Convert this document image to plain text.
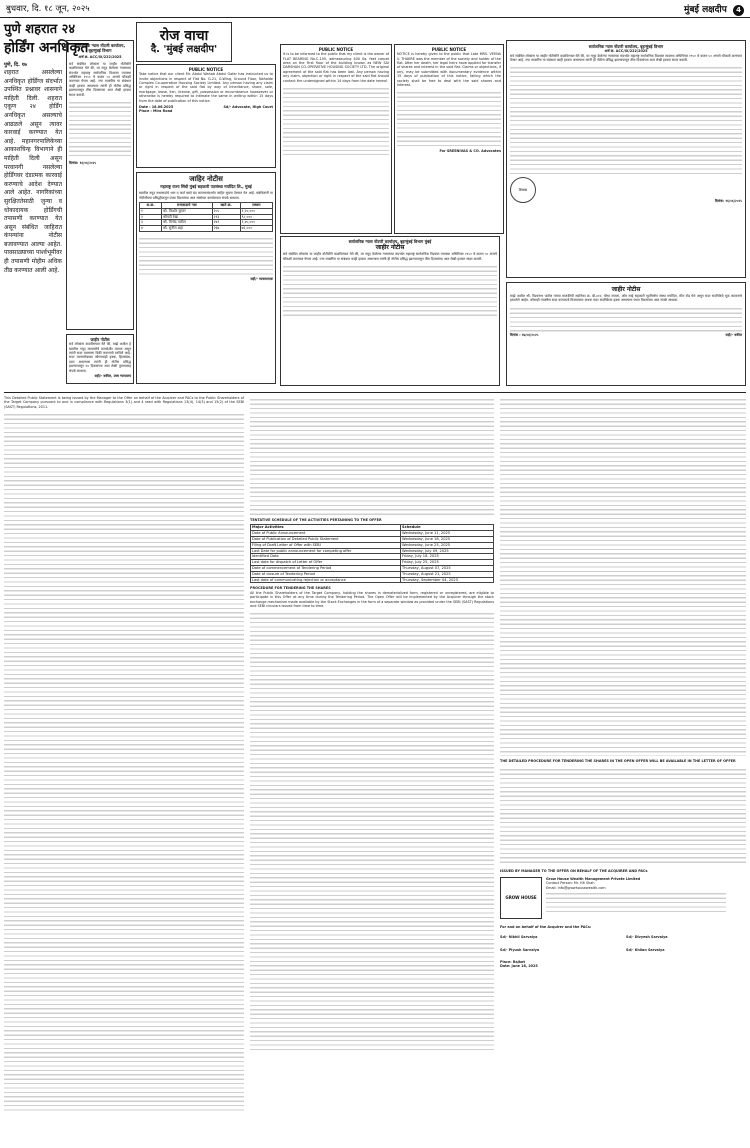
बुधवार, दि. १८ जून, २०२५	मुंबई लक्षदीप 4
पुणे शहरात २४
होर्डिंग अनधिकृत
पुणे, दि. १७
शहरात असलेल्या अनधिकृत होर्डिंग्ज संदर्भात उपस्थित प्रश्नावर शासनाने माहिती दिली. शहरात एकूण २४ होर्डिंग अनधिकृत असल्याचे आढळले असून त्यावर कारवाई करण्यात येत आहे. महानगरपालिकेच्या आकाशचिन्ह विभागाने ही माहिती दिली असून परवानगी नसलेल्या होर्डिंगवर दंडात्मक कारवाई करण्याचे आदेश देण्यात आले आहेत. नागरिकांच्या सुरक्षिततेसाठी जुन्या व धोकादायक होर्डिंगची तपासणी करण्यात येत असून संबंधित जाहिरात कंपन्यांना नोटीस बजावण्यात आल्या आहेत. पावसाळ्याच्या पार्श्वभूमीवर ही तपासणी मोहीम अधिक तीव्र करण्यात आली आहे.
सार्वजनिक न्यास नोंदणी कार्यालय, बृहन्मुंबई विभाग
अर्ज क्र. ACC/IX/222/2025
सर्व संबंधित लोकांना या जाहीर नोटीसीने कळविण्यात येते की, वर नमूद केलेल्या न्यासाच्या संदर्भात महाराष्ट्र सार्वजनिक विश्वस्त व्यवस्था अधिनियम १९५० चे कलम ५० अन्वये चौकशी करण्यात येणार आहे. ज्या व्यक्तींना या संबंधात काही हरकत असल्यास त्यांनी ही नोटीस प्रसिद्ध झाल्यापासून तीस दिवसांच्या आत लेखी हरकत सादर करावी.
दिनांक: १६/०६/२०२५
रोज वाचा
दै. 'मुंबई लक्षदीप'
PUBLIC NOTICE
Take notice that our client Mr. Abdul Wahab Abdul Gafar has instructed us to invite objections in respect of Flat No. G-21, G-Wing, Ground Floor, Nahalde Complex Co-operative Housing Society Limited. Any person having any claim or right in respect of the said flat by way of inheritance, share, sale, mortgage, lease, lien, license, gift, possession or encumbrance howsoever or otherwise is hereby required to intimate the same in writing within 15 days from the date of publication of this notice.
Date : 18.06.2025
Place : Mira Road
Sd/- Advocate, High Court
जाहिर नोटीस
महाराष्ट्र राज्य सिंधी मुंबई सहकारी पतसंस्था मर्यादित लि., मुंबई
खालील नमूद सभासदांचे भाग व कर्ज खाते बंद करण्यासंदर्भात जाहिर सूचना देण्यात येत आहे. संबंधितांनी या नोटीसीच्या प्रसिद्धीपासून पंधरा दिवसांच्या आत संस्थेच्या कार्यालयात संपर्क साधावा.
अ.क्र.	सभासदाचे नाव	खाते क्र.	रक्कम
१	श्री. किशोर कुमार	२०५	१,२०,०००
२	श्रीमती रेखा	२१३	९८,०००
३	श्री. विनोद पाटील	२४१	१,४५,०००
४	श्री. सुनील शहा	२६७	७२,०००
सही/- व्यवस्थापक
PUBLIC NOTICE
It is to be informed to the public that my client is the owner of FLAT BEARING No.C-105, admeasuring 400 Sq. feet carpet area on the First floor of the building known as NEW SAI DARSHAN CO-OPERATIVE HOUSING SOCIETY LTD. The original agreement of the said flat has been lost. Any person having any claim, objection or right in respect of the said flat should contact the undersigned within 14 days from the date hereof.
सार्वजनिक न्यास नोंदणी कार्यालय, बृहन्मुंबई विभाग मुंबई
जाहीर नोटीस
सर्व संबंधित लोकांना या जाहीर नोटीसीने कळविण्यात येते की, वर नमूद केलेल्या न्यासाच्या संदर्भात महाराष्ट्र सार्वजनिक विश्वस्त व्यवस्था अधिनियम १९५० चे कलम ५० अन्वये चौकशी करण्यात येणार आहे. ज्या व्यक्तींना या संबंधात काही हरकत असल्यास त्यांनी ही नोटीस प्रसिद्ध झाल्यापासून तीस दिवसांच्या आत लेखी हरकत सादर करावी.
PUBLIC NOTICE
NOTICE is hereby given to the public that Late MRS. VEENA V. THAKRE was the member of the society and holder of the flat. After her death, her legal heirs have applied for transfer of shares and interest in the said flat. Claims or objections, if any, may be submitted with documentary evidence within 15 days of publication of this notice, failing which the society shall be free to deal with the said shares and interest.
For SREENIVAS & CO. Advocates
सार्वजनिक न्यास नोंदणी कार्यालय, बृहन्मुंबई विभाग
अर्ज क्र. ACC/IX/222/2025
सर्व संबंधित लोकांना या जाहीर नोटीसीने कळविण्यात येते की, वर नमूद केलेल्या न्यासाच्या संदर्भात महाराष्ट्र सार्वजनिक विश्वस्त व्यवस्था अधिनियम १९५० चे कलम ५० अन्वये चौकशी करण्यात येणार आहे. ज्या व्यक्तींना या संबंधात काही हरकत असल्यास त्यांनी ही नोटीस प्रसिद्ध झाल्यापासून तीस दिवसांच्या आत लेखी हरकत सादर करावी.
शिक्का
दिनांक: १६/०६/२०२५
जाहीर नोटीस
माझे अशील श्री. विश्वनाथ पाटील यांच्या मालकीची सदनिका क्र. बी-४०२, चौथा मजला, ओम साई सहकारी गृहनिर्माण संस्था मर्यादित, मीरा रोड येथे असून सदर सदनिकेचे मूळ करारनामे हरवलेले आहेत. कोणाही व्यक्तीस सदर कागदपत्रे मिळाल्यास अथवा सदर सदनिकेवर हक्क असल्यास पंधरा दिवसांच्या आत संपर्क साधावा.
दिनांक : १७/०६/२०२५	सही/- वकील
जाहीर नोटीस
सर्व लोकांना कळविण्यात येते की, माझे अशील हे खालील नमूद मालमत्तेचे कायदेशीर मालक असून त्यांनी सदर मालमत्ता विक्री करण्याचे ठरविले आहे. सदर मालमत्तेबाबत कोणाचाही हक्क, हितसंबंध, दावा असल्यास त्यांनी ही नोटीस प्रसिद्ध झाल्यापासून १४ दिवसांच्या आत लेखी पुराव्यासह संपर्क साधावा.
सही/- वकील, उच्च न्यायालय
This Detailed Public Statement is being issued by the Manager to the Offer on behalf of the Acquirer and PACs to the Public Shareholders of the Target Company pursuant to and in compliance with Regulations 3(1) and 4 read with Regulations 13(4), 14(3) and 15(2) of the SEBI (SAST) Regulations, 2011.
TENTATIVE SCHEDULE OF THE ACTIVITIES PERTAINING TO THE OFFER
Major Activities	Schedule
Date of Public Announcement	Wednesday, June 11, 2025
Date of Publication of Detailed Public Statement	Wednesday, June 18, 2025
Filing of Draft Letter of Offer with SEBI	Wednesday, June 25, 2025
Last Date for public announcement for competing offer	Wednesday, July 09, 2025
Identified Date	Friday, July 18, 2025
Last date for dispatch of Letter of Offer	Friday, July 25, 2025
Date of commencement of Tendering Period	Thursday, August 07, 2025
Date of closure of Tendering Period	Thursday, August 21, 2025
Last date of communicating rejection or acceptance	Thursday, September 04, 2025
PROCEDURE FOR TENDERING THE SHARES
All the Public Shareholders of the Target Company, holding the shares in dematerialized form, registered or unregistered, are eligible to participate in this Offer at any time during the Tendering Period. The Open Offer will be implemented by the Acquirer through the stock exchange mechanism made available by the Stock Exchanges in the form of a separate window as provided under the SEBI (SAST) Regulations and SEBI circulars issued from time to time.
THE DETAILED PROCEDURE FOR TENDERING THE SHARES IN THE OPEN OFFER WILL BE AVAILABLE IN THE LETTER OF OFFER
ISSUED BY MANAGER TO THE OFFER ON BEHALF OF THE ACQUIRER AND PACs
GROW HOUSE
Grow House Wealth Management Private Limited
Contact Person: Mr. Hit Shah
Email: info@growhousewealth.com
For and on behalf of the Acquirer and the PACs:
Sd/- Nikhil Sarvaiya	Sd/- Divyesh Sarvaiya
Sd/- Piyush Sarvaiya	Sd/- Khilan Sarvaiya
Place: Rajkot
Date: June 18, 2025
